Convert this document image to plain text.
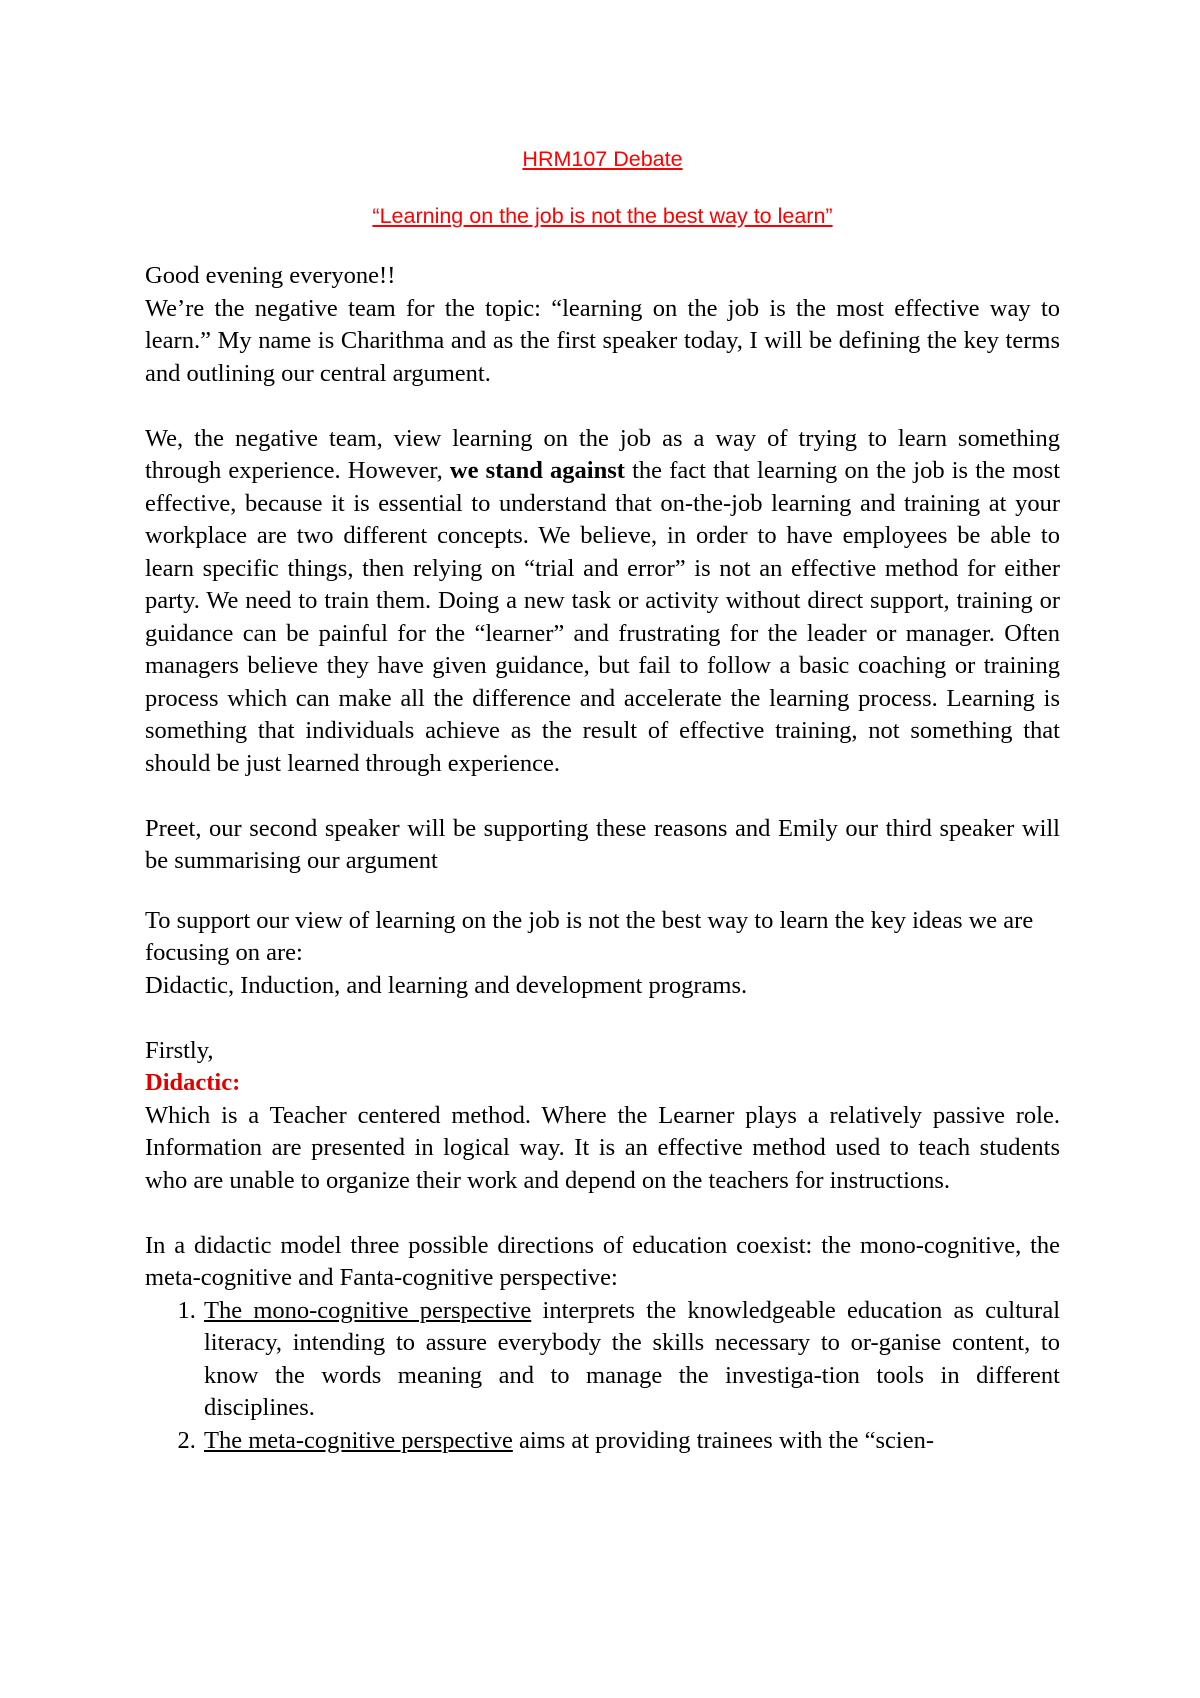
HRM107 Debate
“Learning on the job is not the best way to learn”

Good evening everyone!!

We’re the negative team for the topic: “learning on the job is the most effective way to learn.” My name is Charithma and as the first speaker today, I will be defining the key terms and outlining our central argument.

We, the negative team, view learning on the job as a way of trying to learn something through experience. However, we stand against the fact that learning on the job is the most effective, because it is essential to understand that on-the-job learning and training at your workplace are two different concepts. We believe, in order to have employees be able to learn specific things, then relying on “trial and error” is not an effective method for either party. We need to train them. Doing a new task or activity without direct support, training or guidance can be painful for the “learner” and frustrating for the leader or manager. Often managers believe they have given guidance, but fail to follow a basic coaching or training process which can make all the difference and accelerate the learning process. Learning is something that individuals achieve as the result of effective training, not something that should be just learned through experience.

Preet, our second speaker will be supporting these reasons and Emily our third speaker will be summarising our argument

To support our view of learning on the job is not the best way to learn the key ideas we are focusing on are:

Didactic, Induction, and learning and development programs.

Firstly,

Didactic:

Which is a Teacher centered method. Where the Learner plays a relatively passive role. Information are presented in logical way. It is an effective method used to teach students who are unable to organize their work and depend on the teachers for instructions.

In a didactic model three possible directions of education coexist: the mono-cognitive, the meta-cognitive and Fanta-cognitive perspective:

1. The mono-cognitive perspective interprets the knowledgeable education as cultural literacy, intending to assure everybody the skills necessary to or-ganise content, to know the words meaning and to manage the investiga-tion tools in different disciplines.
2. The meta-cognitive perspective aims at providing trainees with the “scien-
